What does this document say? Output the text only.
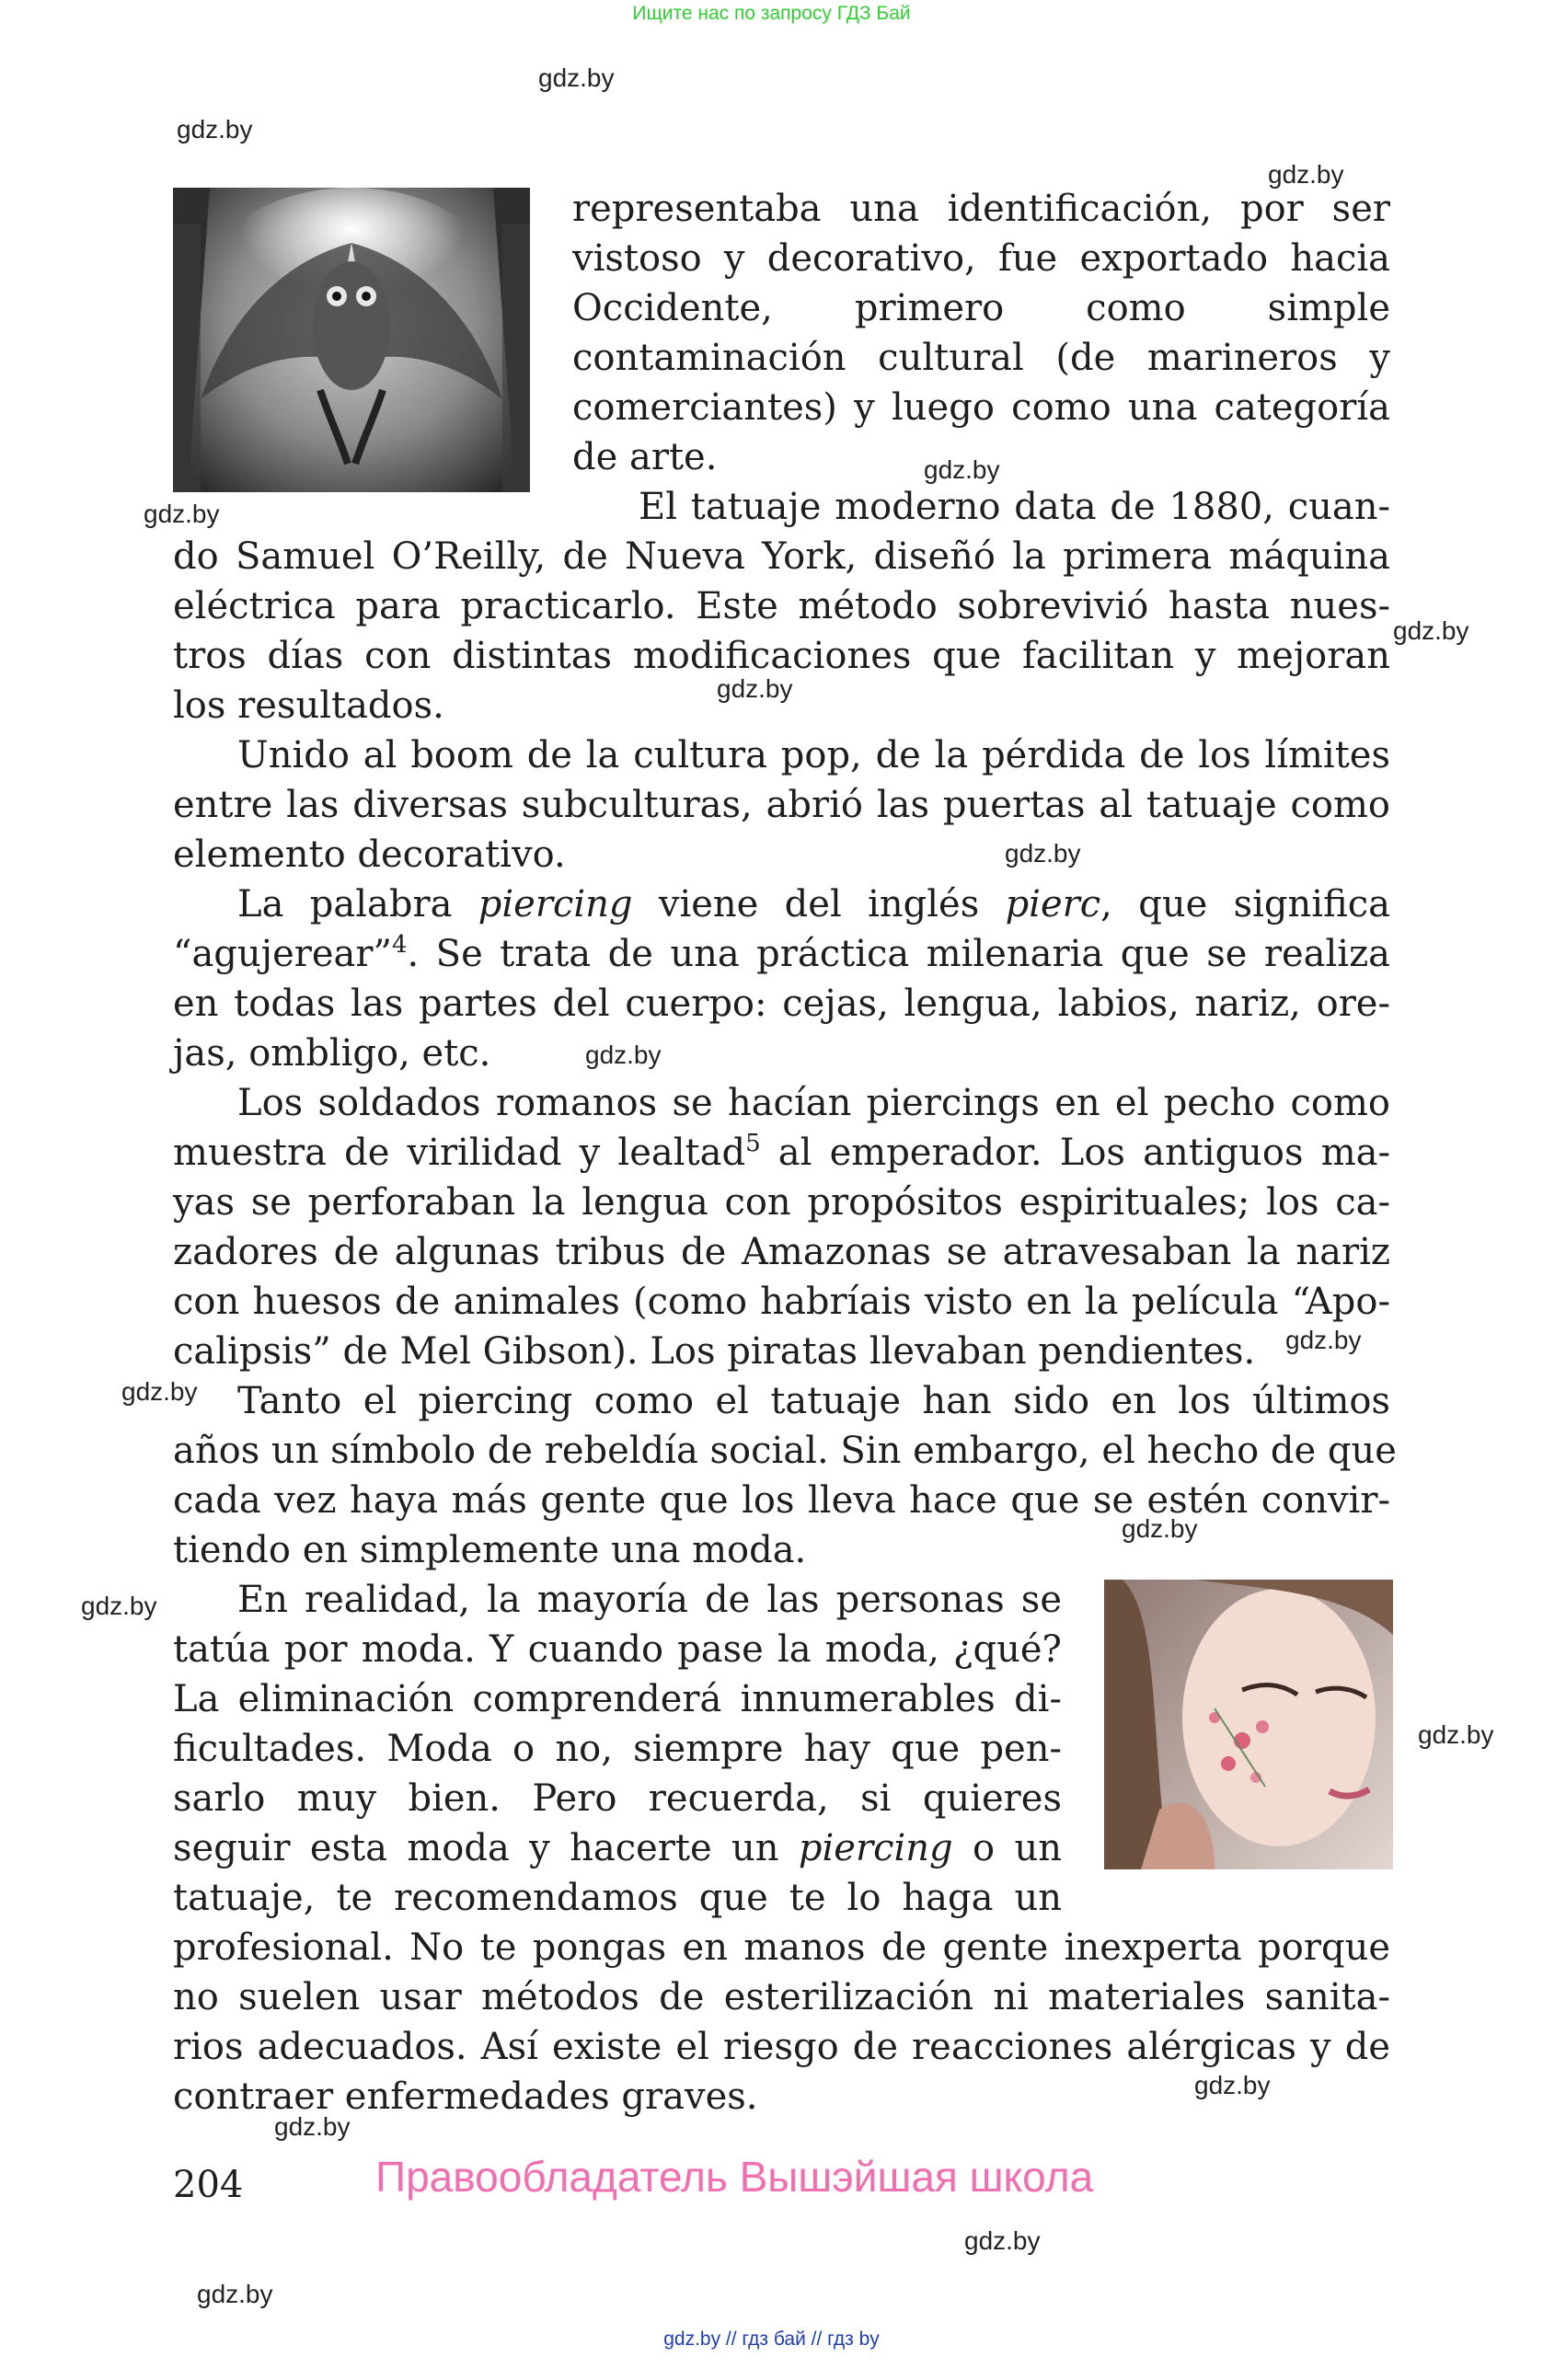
Ищите нас по запросу ГДЗ Бай
gdz.by
gdz.by
gdz.by
gdz.by
gdz.by
gdz.by
gdz.by
gdz.by
gdz.by
gdz.by
gdz.by
gdz.by
gdz.by
gdz.by
gdz.by
gdz.by
gdz.by
gdz.by
representaba una identificación, por ser
vistoso y decorativo, fue exportado hacia
Occidente, primero como simple
contaminación cultural (de marineros y
comerciantes) y luego como una categoría
de arte.
El tatuaje moderno data de 1880, cuan-
do Samuel O’Reilly, de Nueva York, diseñó la primera máquina
eléctrica para practicarlo. Este método sobrevivió hasta nues-
tros días con distintas modificaciones que facilitan y mejoran
los resultados.
Unido al boom de la cultura pop, de la pérdida de los límites
entre las diversas subculturas, abrió las puertas al tatuaje como
elemento decorativo.
La palabra piercing viene del inglés pierc, que significa
“agujerear”$^4$. Se trata de una práctica milenaria que se realiza
en todas las partes del cuerpo: cejas, lengua, labios, nariz, ore-
jas, ombligo, etc.
Los soldados romanos se hacían piercings en el pecho como
muestra de virilidad y lealtad$^5$ al emperador. Los antiguos ma-
yas se perforaban la lengua con propósitos espirituales; los ca-
zadores de algunas tribus de Amazonas se atravesaban la nariz
con huesos de animales (como habríais visto en la película “Apo-
calipsis” de Mel Gibson). Los piratas llevaban pendientes.
Tanto el piercing como el tatuaje han sido en los últimos
años un símbolo de rebeldía social. Sin embargo, el hecho de que
cada vez haya más gente que los lleva hace que se estén convir-
tiendo en simplemente una moda.
En realidad, la mayoría de las personas se
tatúa por moda. Y cuando pase la moda, ¿qué?
La eliminación comprenderá innumerables di-
ficultades. Moda o no, siempre hay que pen-
sarlo muy bien. Pero recuerda, si quieres
seguir esta moda y hacerte un piercing o un
tatuaje, te recomendamos que te lo haga un
profesional. No te pongas en manos de gente inexperta porque
no suelen usar métodos de esterilización ni materiales sanita-
rios adecuados. Así existe el riesgo de reacciones alérgicas y de
contraer enfermedades graves.
204	Правообладатель Вышэйшая школа
gdz.by // гдз бай // гдз by
